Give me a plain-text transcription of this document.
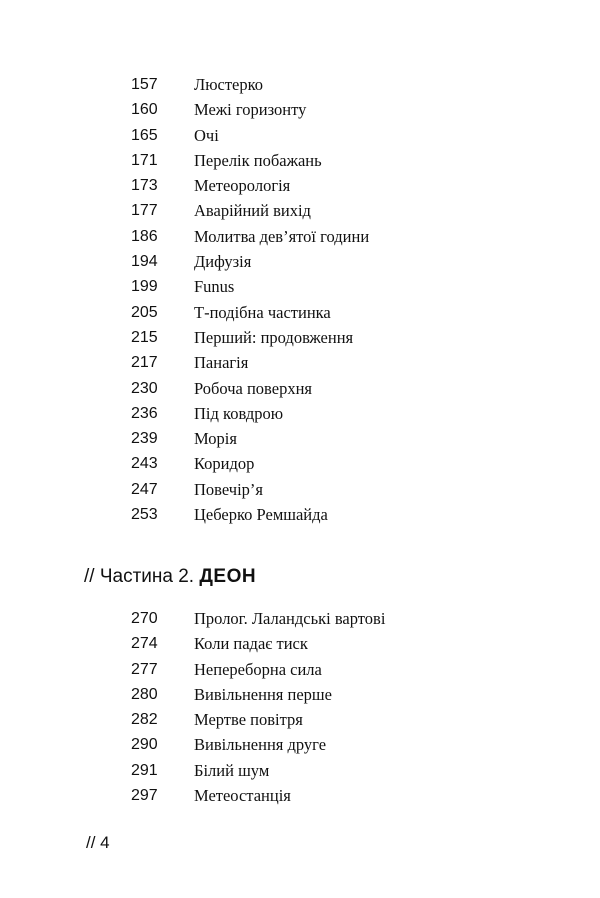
157 Люстерко
160 Межі горизонту
165 Очі
171 Перелік побажань
173 Метеорологія
177 Аварійний вихід
186 Молитва дев’ятої години
194 Дифузія
199 Funus
205 Т-подібна частинка
215 Перший: продовження
217 Панагія
230 Робоча поверхня
236 Під ковдрою
239 Морія
243 Коридор
247 Повечір’я
253 Цеберко Ремшайда
// Частина 2. ДЕОН
270 Пролог. Лаландські вартові
274 Коли падає тиск
277 Непереборна сила
280 Вивільнення перше
282 Мертве повітря
290 Вивільнення друге
291 Білий шум
297 Метеостанція
// 4
